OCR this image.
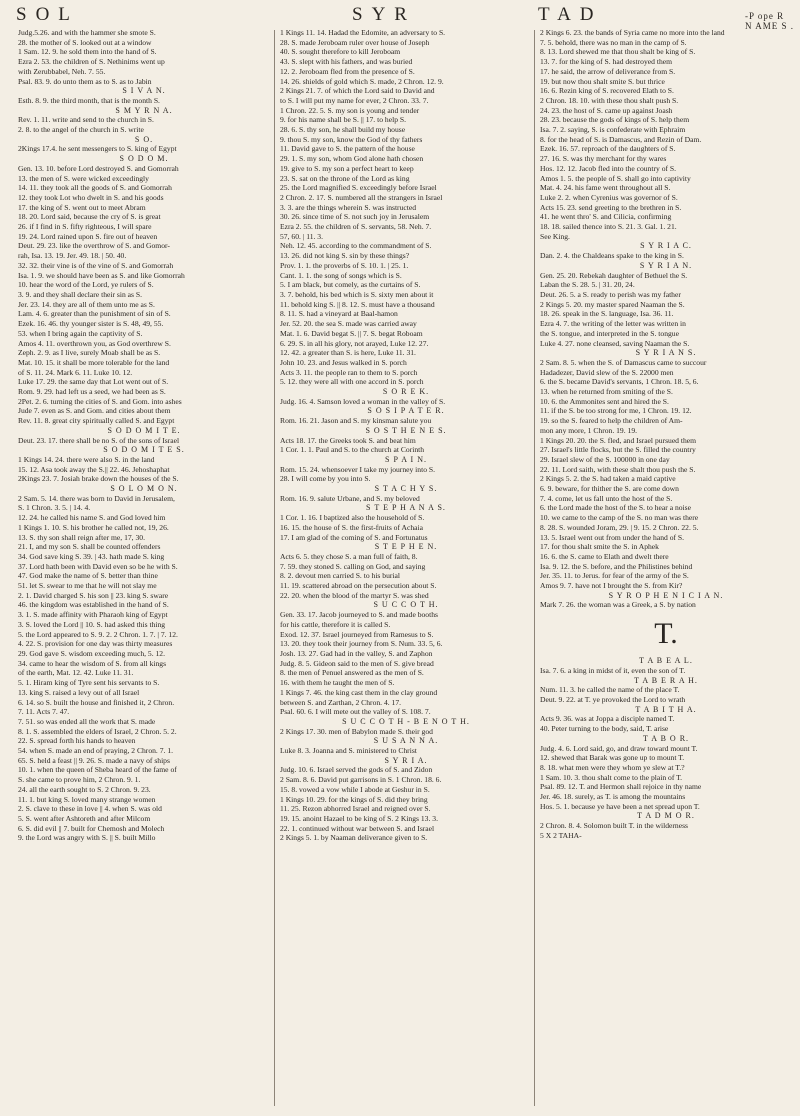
SOL	SYR	TAD	-P ope R
N AME S .

Judg.5.26. and with the hammer she smote S.

28. the mother of S. looked out at a window

1 Sam. 12. 9. he sold them into the hand of S.

Ezra 2. 53. the children of S. Nethinims went up

with Zerubbabel, Neh. 7. 55.

Psal. 83. 9. do unto them as to S. as to Jabin

S I V A N.

Esth. 8. 9. the third month, that is the month S.

S M Y R N A.

Rev. 1. 11. write and send to the church in S.

2. 8. to the angel of the church in S. write

S O.

2Kings 17.4. he sent messengers to S. king of Egypt

S O D O M.

Gen. 13. 10. before Lord destroyed S. and Gomorrah

13. the men of S. were wicked exceedingly

14. 11. they took all the goods of S. and Gomorrah

12. they took Lot who dwelt in S. and his goods

17. the king of S. went out to meet Abram

18. 20. Lord said, because the cry of S. is great

26. if I find in S. fifty righteous, I will spare

19. 24. Lord rained upon S. fire out of heaven

Deut. 29. 23. like the overthrow of S. and Gomor-

rah, Isa. 13. 19. Jer. 49. 18. | 50. 40.

32. 32. their vine is of the vine of S. and Gomorrah

Isa. 1. 9. we should have been as S. and like Gomorrah

10. hear the word of the Lord, ye rulers of S.

3. 9. and they shall declare their sin as S.

Jer. 23. 14. they are all of them unto me as S.

Lam. 4. 6. greater than the punishment of sin of S.

Ezek. 16. 46. thy younger sister is S. 48, 49, 55.

53. when I bring again the captivity of S.

Amos 4. 11. overthrown you, as God overthrew S.

Zeph. 2. 9. as I live, surely Moab shall be as S.

Mat. 10. 15. it shall be more tolerable for the land

of S. 11. 24. Mark 6. 11. Luke 10. 12.

Luke 17. 29. the same day that Lot went out of S.

Rom. 9. 29. had left us a seed, we had been as S.

2Pet. 2. 6. turning the cities of S. and Gom. into ashes

Jude 7. even as S. and Gom. and cities about them

Rev. 11. 8. great city spiritually called S. and Egypt

S O D O M I T E.

Deut. 23. 17. there shall be no S. of the sons of Israel

S O D O M I T E S.

1 Kings 14. 24. there were also S. in the land

15. 12. Asa took away the S.|| 22. 46. Jehoshaphat

2Kings 23. 7. Josiah brake down the houses of the S.

S O L O M O N.

2 Sam. 5. 14. there was born to David in Jerusalem,

S. 1 Chron. 3. 5. | 14. 4.

12. 24. he called his name S. and God loved him

1 Kings 1. 10. S. his brother he called not, 19, 26.

13. S. thy son shall reign after me, 17, 30.

21. I, and my son S. shall be counted offenders

34. God save king S. 39. | 43. hath made S. king

37. Lord hath been with David even so be he with S.

47. God make the name of S. better than thine

51. let S. swear to me that he will not slay me

2. 1. David charged S. his son || 23. king S. sware

46. the kingdom was established in the hand of S.

3. 1. S. made affinity with Pharaoh king of Egypt

3. S. loved the Lord || 10. S. had asked this thing

5. the Lord appeared to S. 9. 2. 2 Chron. 1. 7. | 7. 12.

4. 22. S. provision for one day was thirty measures

29. God gave S. wisdom exceeding much, 5. 12.

34. came to hear the wisdom of S. from all kings

of the earth, Mat. 12. 42. Luke 11. 31.

5. 1. Hiram king of Tyre sent his servants to S.

13. king S. raised a levy out of all Israel

6. 14. so S. built the house and finished it, 2 Chron.

7. 11. Acts 7. 47.

7. 51. so was ended all the work that S. made

8. 1. S. assembled the elders of Israel, 2 Chron. 5. 2.

22. S. spread forth his hands to heaven

54. when S. made an end of praying, 2 Chron. 7. 1.

65. S. held a feast || 9. 26. S. made a navy of ships

10. 1. when the queen of Sheba heard of the fame of

S. she came to prove him, 2 Chron. 9. 1.

24. all the earth sought to S. 2 Chron. 9. 23.

11. 1. but king S. loved many strange women

2. S. clave to these in love || 4. when S. was old

5. S. went after Ashtoreth and after Milcom

6. S. did evil || 7. built for Chemosh and Molech

9. the Lord was angry with S. || S. built Millo

1 Kings 11. 14. Hadad the Edomite, an adversary to S.

28. S. made Jeroboam ruler over house of Joseph

40. S. sought therefore to kill Jeroboam

43. S. slept with his fathers, and was buried

12. 2. Jeroboam fled from the presence of S.

14. 26. shields of gold which S. made, 2 Chron. 12. 9.

2 Kings 21. 7. of which the Lord said to David and

to S. I will put my name for ever, 2 Chron. 33. 7.

1 Chron. 22. 5. S. my son is young and tender

9. for his name shall be S. || 17. to help S.

28. 6. S. thy son, he shall build my house

9. thou S. my son, know the God of thy fathers

11. David gave to S. the pattern of the house

29. 1. S. my son, whom God alone hath chosen

19. give to S. my son a perfect heart to keep

23. S. sat on the throne of the Lord as king

25. the Lord magnified S. exceedingly before Israel

2 Chron. 2. 17. S. numbered all the strangers in Israel

3. 3. are the things wherein S. was instructed

30. 26. since time of S. not such joy in Jerusalem

Ezra 2. 55. the children of S. servants, 58. Neh. 7.

57, 60. | 11. 3.

Neh. 12. 45. according to the commandment of S.

13. 26. did not king S. sin by these things?

Prov. 1. 1. the proverbs of S. 10. 1. | 25. 1.

Cant. 1. 1. the song of songs which is S.

5. I am black, but comely, as the curtains of S.

3. 7. behold, his bed which is S. sixty men about it

11. behold king S. || 8. 12. S. must have a thousand

8. 11. S. had a vineyard at Baal-hamon

Jer. 52. 20. the sea S. made was carried away

Mat. 1. 6. David begat S. || 7. S. begat Roboam

6. 29. S. in all his glory, not arayed, Luke 12. 27.

12. 42. a greater than S. is here, Luke 11. 31.

John 10. 23. and Jesus walked in S. porch

Acts 3. 11. the people ran to them to S. porch

5. 12. they were all with one accord in S. porch

S O R E K.

Judg. 16. 4. Samson loved a woman in the valley of S.

S O S I P A T E R.

Rom. 16. 21. Jason and S. my kinsman salute you

S O S T H E N E S.

Acts 18. 17. the Greeks took S. and beat him

1 Cor. 1. 1. Paul and S. to the church at Corinth

S P A I N.

Rom. 15. 24. whensoever I take my journey into S.

28. I will come by you into S.

S T A C H Y S.

Rom. 16. 9. salute Urbane, and S. my beloved

S T E P H A N A S.

1 Cor. 1. 16. I baptized also the household of S.

16. 15. the house of S. the first-fruits of Achaia

17. I am glad of the coming of S. and Fortunatus

S T E P H E N.

Acts 6. 5. they chose S. a man full of faith, 8.

7. 59. they stoned S. calling on God, and saying

8. 2. devout men carried S. to his burial

11. 19. scattered abroad on the persecution about S.

22. 20. when the blood of the martyr S. was shed

S U C C O T H.

Gen. 33. 17. Jacob journeyed to S. and made booths

for his cattle, therefore it is called S.

Exod. 12. 37. Israel journeyed from Ramesus to S.

13. 20. they took their journey from S. Num. 33. 5, 6.

Josh. 13. 27. Gad had in the valley, S. and Zaphon

Judg. 8. 5. Gideon said to the men of S. give bread

8. the men of Penuel answered as the men of S.

16. with them he taught the men of S.

1 Kings 7. 46. the king cast them in the clay ground

between S. and Zarthan, 2 Chron. 4. 17.

Psal. 60. 6. I will mete out the valley of S. 108. 7.

S U C C O T H - B E N O T H.

2 Kings 17. 30. men of Babylon made S. their god

S U S A N N A.

Luke 8. 3. Joanna and S. ministered to Christ

S Y R I A.

Judg. 10. 6. Israel served the gods of S. and Zidon

2 Sam. 8. 6. David put garrisons in S. 1 Chron. 18. 6.

15. 8. vowed a vow while I abode at Geshur in S.

1 Kings 10. 29. for the kings of S. did they bring

11. 25. Rezon abhorred Israel and reigned over S.

19. 15. anoint Hazael to be king of S. 2 Kings 13. 3.

22. 1. continued without war between S. and Israel

2 Kings 5. 1. by Naaman deliverance given to S.

2 Kings 6. 23. the bands of Syria came no more into the land

7. 5. behold, there was no man in the camp of S.

8. 13. Lord shewed me that thou shalt be king of S.

13. 7. for the king of S. had destroyed them

17. he said, the arrow of deliverance from S.

19. but now thou shalt smite S. but thrice

16. 6. Rezin king of S. recovered Elath to S.

2 Chron. 18. 10. with these thou shalt push S.

24. 23. the host of S. came up against Joash

28. 23. because the gods of kings of S. help them

Isa. 7. 2. saying, S. is confederate with Ephraim

8. for the head of S. is Damascus, and Rezin of Dam.

Ezek. 16. 57. reproach of the daughters of S.

27. 16. S. was thy merchant for thy wares

Hos. 12. 12. Jacob fled into the country of S.

Amos 1. 5. the people of S. shall go into captivity

Mat. 4. 24. his fame went throughout all S.

Luke 2. 2. when Cyrenius was governor of S.

Acts 15. 23. send greeting to the brethren in S.

41. he went thro' S. and Cilicia, confirming

18. 18. sailed thence into S. 21. 3. Gal. 1. 21.

See King.

S Y R I A C.

Dan. 2. 4. the Chaldeans spake to the king in S.

S Y R I A N.

Gen. 25. 20. Rebekah daughter of Bethuel the S.

Laban the S. 28. 5. | 31. 20, 24.

Deut. 26. 5. a S. ready to perish was my father

2 Kings 5. 20. my master spared Naaman the S.

18. 26. speak in the S. language, Isa. 36. 11.

Ezra 4. 7. the writing of the letter was written in

the S. tongue, and interpreted in the S. tongue

Luke 4. 27. none cleansed, saving Naaman the S.

S Y R I A N S.

2 Sam. 8. 5. when the S. of Damascus came to succour

Hadadezer, David slew of the S. 22000 men

6. the S. became David's servants, 1 Chron. 18. 5, 6.

13. when he returned from smiting of the S.

10. 6. the Ammonites sent and hired the S.

11. if the S. be too strong for me, 1 Chron. 19. 12.

19. so the S. feared to help the children of Am-

mon any more, 1 Chron. 19. 19.

1 Kings 20. 20. the S. fled, and Israel pursued them

27. Israel's little flocks, but the S. filled the country

29. Israel slew of the S. 100000 in one day

22. 11. Lord saith, with these shalt thou push the S.

2 Kings 5. 2. the S. had taken a maid captive

6. 9. beware, for thither the S. are come down

7. 4. come, let us fall unto the host of the S.

6. the Lord made the host of the S. to hear a noise

10. we came to the camp of the S. no man was there

8. 28. S. wounded Joram, 29. | 9. 15. 2 Chron. 22. 5.

13. 5. Israel went out from under the hand of S.

17. for thou shalt smite the S. in Aphek

16. 6. the S. came to Elath and dwelt there

Isa. 9. 12. the S. before, and the Philistines behind

Jer. 35. 11. to Jerus. for fear of the army of the S.

Amos 9. 7. have not I brought the S. from Kir?

S Y R O P H E N I C I A N.

Mark 7. 26. the woman was a Greek, a S. by nation

T.

T A B E A L.

Isa. 7. 6. a king in midst of it, even the son of T.

T A B E R A H.

Num. 11. 3. he called the name of the place T.

Deut. 9. 22. at T. ye provoked the Lord to wrath

T A B I T H A.

Acts 9. 36. was at Joppa a disciple named T.

40. Peter turning to the body, said, T. arise

T A B O R.

Judg. 4. 6. Lord said, go, and draw toward mount T.

12. shewed that Barak was gone up to mount T.

8. 18. what men were they whom ye slew at T.?

1 Sam. 10. 3. thou shalt come to the plain of T.

Psal. 89. 12. T. and Hermon shall rejoice in thy name

Jer. 46. 18. surely, as T. is among the mountains

Hos. 5. 1. because ye have been a net spread upon T.

T A D M O R.

2 Chron. 8. 4. Solomon built T. in the wilderness

5 X 2 TAHA-
